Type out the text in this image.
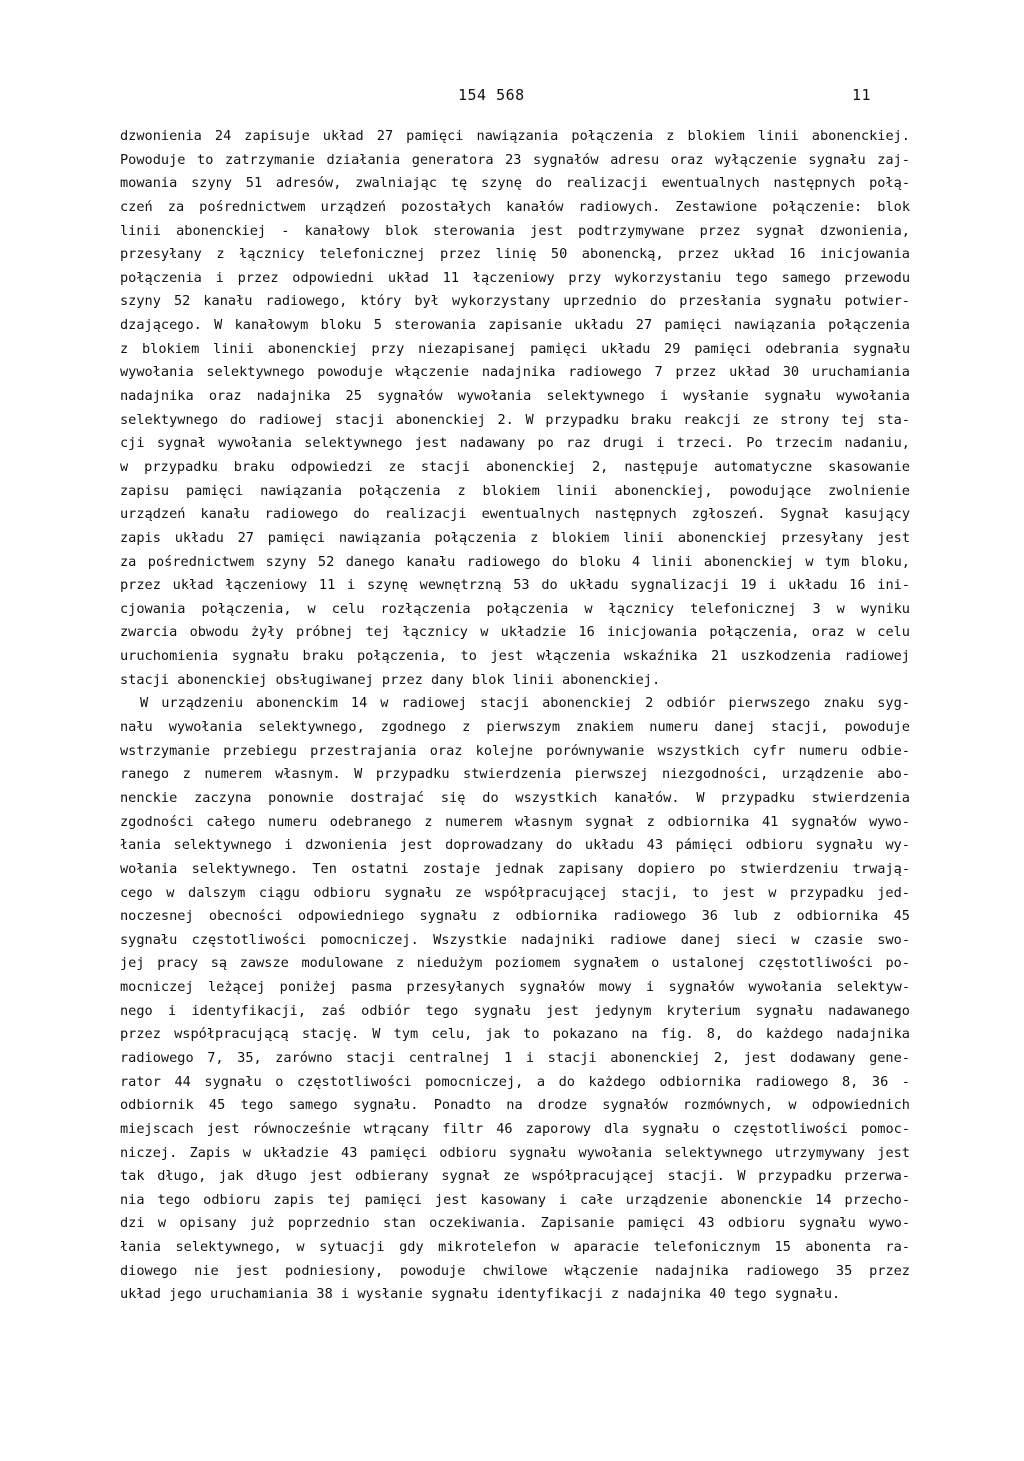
154 568	11
dzwonienia 24 zapisuje układ 27 pamięci nawiązania połączenia z blokiem linii abonenckiej.
Powoduje to zatrzymanie działania generatora 23 sygnałów adresu oraz wyłączenie sygnału zaj-
mowania szyny 51 adresów, zwalniając tę szynę do realizacji ewentualnych następnych połą-
czeń za pośrednictwem urządzeń pozostałych kanałów radiowych. Zestawione połączenie: blok
linii abonenckiej - kanałowy blok sterowania jest podtrzymywane przez sygnał dzwonienia,
przesyłany z łącznicy telefonicznej przez linię 50 abonencką, przez układ 16 inicjowania
połączenia i przez odpowiedni układ 11 łączeniowy przy wykorzystaniu tego samego przewodu
szyny 52 kanału radiowego, który był wykorzystany uprzednio do przesłania sygnału potwier-
dzającego. W kanałowym bloku 5 sterowania zapisanie układu 27 pamięci nawiązania połączenia
z blokiem linii abonenckiej przy niezapisanej pamięci układu 29 pamięci odebrania sygnału
wywołania selektywnego powoduje włączenie nadajnika radiowego 7 przez układ 30 uruchamiania
nadajnika oraz nadajnika 25 sygnałów wywołania selektywnego i wysłanie sygnału wywołania
selektywnego do radiowej stacji abonenckiej 2. W przypadku braku reakcji ze strony tej sta-
cji sygnał wywołania selektywnego jest nadawany po raz drugi i trzeci. Po trzecim nadaniu,
w przypadku braku odpowiedzi ze stacji abonenckiej 2, następuje automatyczne skasowanie
zapisu pamięci nawiązania połączenia z blokiem linii abonenckiej, powodujące zwolnienie
urządzeń kanału radiowego do realizacji ewentualnych następnych zgłoszeń. Sygnał kasujący
zapis układu 27 pamięci nawiązania połączenia z blokiem linii abonenckiej przesyłany jest
za pośrednictwem szyny 52 danego kanału radiowego do bloku 4 linii abonenckiej w tym bloku,
przez układ łączeniowy 11 i szynę wewnętrzną 53 do układu sygnalizacji 19 i układu 16 ini-
cjowania połączenia, w celu rozłączenia połączenia w łącznicy telefonicznej 3 w wyniku
zwarcia obwodu żyły próbnej tej łącznicy w układzie 16 inicjowania połączenia, oraz w celu
uruchomienia sygnału braku połączenia, to jest włączenia wskaźnika 21 uszkodzenia radiowej
stacji abonenckiej obsługiwanej przez dany blok linii abonenckiej.
W urządzeniu abonenckim 14 w radiowej stacji abonenckiej 2 odbiór pierwszego znaku syg-
nału wywołania selektywnego, zgodnego z pierwszym znakiem numeru danej stacji, powoduje
wstrzymanie przebiegu przestrajania oraz kolejne porównywanie wszystkich cyfr numeru odbie-
ranego z numerem własnym. W przypadku stwierdzenia pierwszej niezgodności, urządzenie abo-
nenckie zaczyna ponownie dostrajać się do wszystkich kanałów. W przypadku stwierdzenia
zgodności całego numeru odebranego z numerem własnym sygnał z odbiornika 41 sygnałów wywo-
łania selektywnego i dzwonienia jest doprowadzany do układu 43 pámięci odbioru sygnału wy-
wołania selektywnego. Ten ostatni zostaje jednak zapisany dopiero po stwierdzeniu trwają-
cego w dalszym ciągu odbioru sygnału ze współpracującej stacji, to jest w przypadku jed-
noczesnej obecności odpowiedniego sygnału z odbiornika radiowego 36 lub z odbiornika 45
sygnału częstotliwości pomocniczej. Wszystkie nadajniki radiowe danej sieci w czasie swo-
jej pracy są zawsze modulowane z niedużym poziomem sygnałem o ustalonej częstotliwości po-
mocniczej leżącej poniżej pasma przesyłanych sygnałów mowy i sygnałów wywołania selektyw-
nego i identyfikacji, zaś odbiór tego sygnału jest jedynym kryterium sygnału nadawanego
przez współpracującą stację. W tym celu, jak to pokazano na fig. 8, do każdego nadajnika
radiowego 7, 35, zarówno stacji centralnej 1 i stacji abonenckiej 2, jest dodawany gene-
rator 44 sygnału o częstotliwości pomocniczej, a do każdego odbiornika radiowego 8, 36 -
odbiornik 45 tego samego sygnału. Ponadto na drodze sygnałów rozmównych, w odpowiednich
miejscach jest równocześnie wtrącany filtr 46 zaporowy dla sygnału o częstotliwości pomoc-
niczej. Zapis w układzie 43 pamięci odbioru sygnału wywołania selektywnego utrzymywany jest
tak długo, jak długo jest odbierany sygnał ze współpracującej stacji. W przypadku przerwa-
nia tego odbioru zapis tej pamięci jest kasowany i całe urządzenie abonenckie 14 przecho-
dzi w opisany już poprzednio stan oczekiwania. Zapisanie pamięci 43 odbioru sygnału wywo-
łania selektywnego, w sytuacji gdy mikrotelefon w aparacie telefonicznym 15 abonenta ra-
diowego nie jest podniesiony, powoduje chwilowe włączenie nadajnika radiowego 35 przez
układ jego uruchamiania 38 i wysłanie sygnału identyfikacji z nadajnika 40 tego sygnału.
